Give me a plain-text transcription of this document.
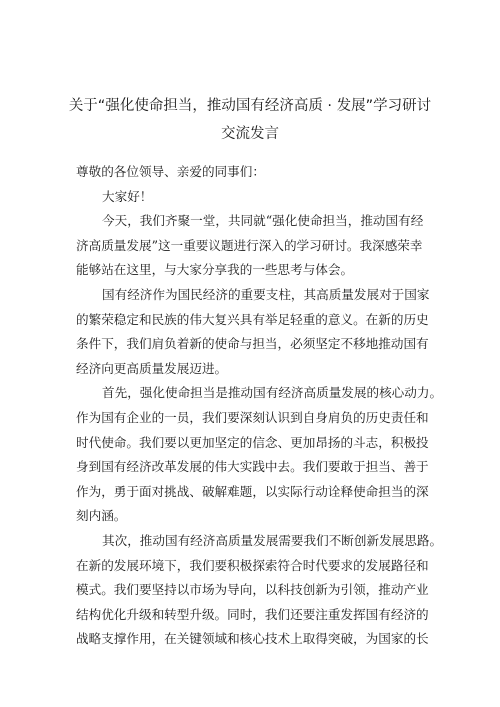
关于“强化使命担当，推动国有经济高质 · 发展”学习研讨
交流发言
尊敬的各位领导、亲爱的同事们：
大家好！
今天，我们齐聚一堂，共同就“强化使命担当，推动国有经
济高质量发展”这一重要议题进行深入的学习研讨。我深感荣幸
能够站在这里，与大家分享我的一些思考与体会。
国有经济作为国民经济的重要支柱，其高质量发展对于国家
的繁荣稳定和民族的伟大复兴具有举足轻重的意义。在新的历史
条件下，我们肩负着新的使命与担当，必须坚定不移地推动国有
经济向更高质量发展迈进。
首先，强化使命担当是推动国有经济高质量发展的核心动力。
作为国有企业的一员，我们要深刻认识到自身肩负的历史责任和
时代使命。我们要以更加坚定的信念、更加昂扬的斗志，积极投
身到国有经济改革发展的伟大实践中去。我们要敢于担当、善于
作为，勇于面对挑战、破解难题，以实际行动诠释使命担当的深
刻内涵。
其次，推动国有经济高质量发展需要我们不断创新发展思路。
在新的发展环境下，我们要积极探索符合时代要求的发展路径和
模式。我们要坚持以市场为导向，以科技创新为引领，推动产业
结构优化升级和转型升级。同时，我们还要注重发挥国有经济的
战略支撑作用，在关键领域和核心技术上取得突破，为国家的长
